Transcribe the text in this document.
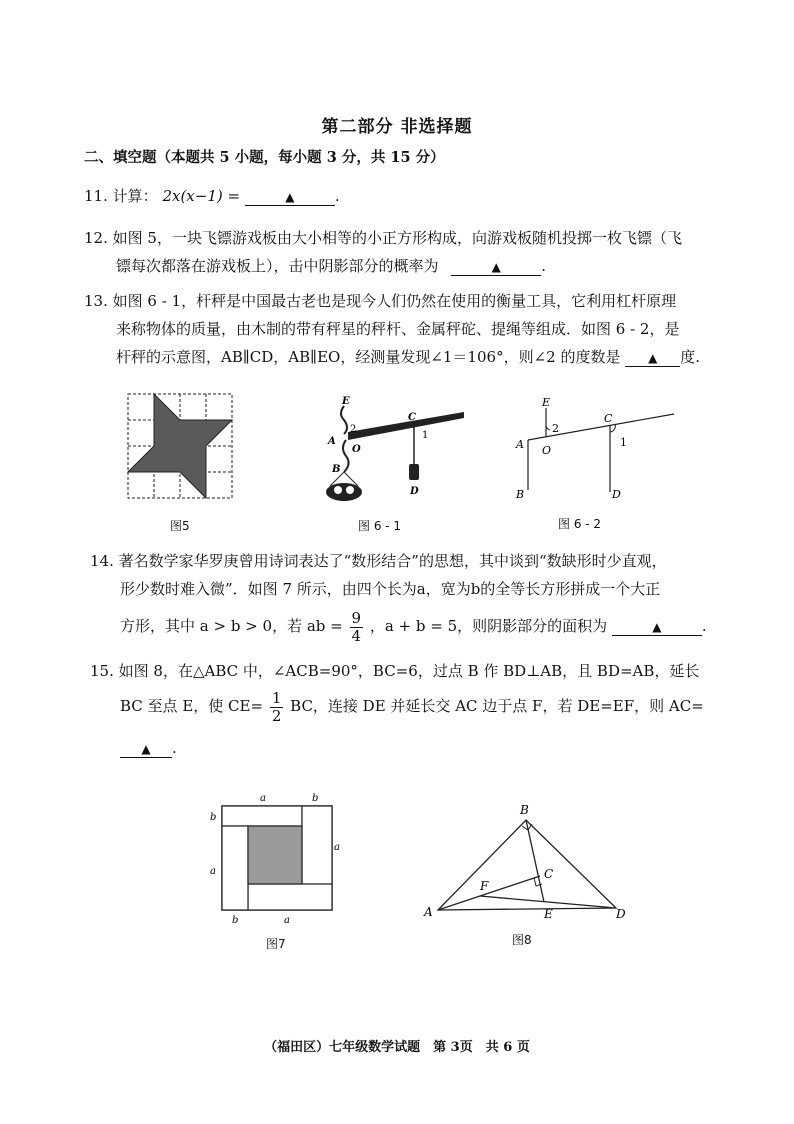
第二部分 非选择题
二、填空题（本题共 5 小题，每小题 3 分，共 15 分）
11. 计算： 2x(x−1) =	▲	.
12. 如图 5，一块飞镖游戏板由大小相等的小正方形构成，向游戏板随机投掷一枚飞镖（飞
镖每次都落在游戏板上），击中阴影部分的概率为	▲	.
13. 如图 6 - 1，杆秤是中国最古老也是现今人们仍然在使用的衡量工具，它利用杠杆原理
来称物体的质量，由木制的带有秤星的秤杆、金属秤砣、提绳等组成．如图 6 - 2，是
杆秤的示意图，AB∥CD，AB∥EO，经测量发现∠1＝106°，则∠2 的度数是 ▲ 度.
图5
E
2
C
A
O
1
B
D
图 6 - 1
E
2
C
A O
1
B	D
图 6 - 2
14. 著名数学家华罗庚曾用诗词表达了“数形结合”的思想，其中谈到“数缺形时少直观，
形少数时难入微”．如图 7 所示，由四个长为a，宽为b的全等长方形拼成一个大正
方形，其中 a > b > 0，若 ab = $\frac{9}{4}$ ，a + b = 5，则阴影部分的面积为	▲	.
15. 如图 8，在△ABC 中，∠ACB=90°，BC=6，过点 B 作 BD⊥AB，且 BD=AB，延长
BC 至点 E，使 $CE= \frac{1}{2}$ BC，连接 DE 并延长交 AC 边于点 F，若 DE=EF，则 AC=
▲ .
a	b
b
a
a
b	a
图7
B
C
F
A	E	D
图8
（福田区）七年级数学试题　第 3页　共 6 页
